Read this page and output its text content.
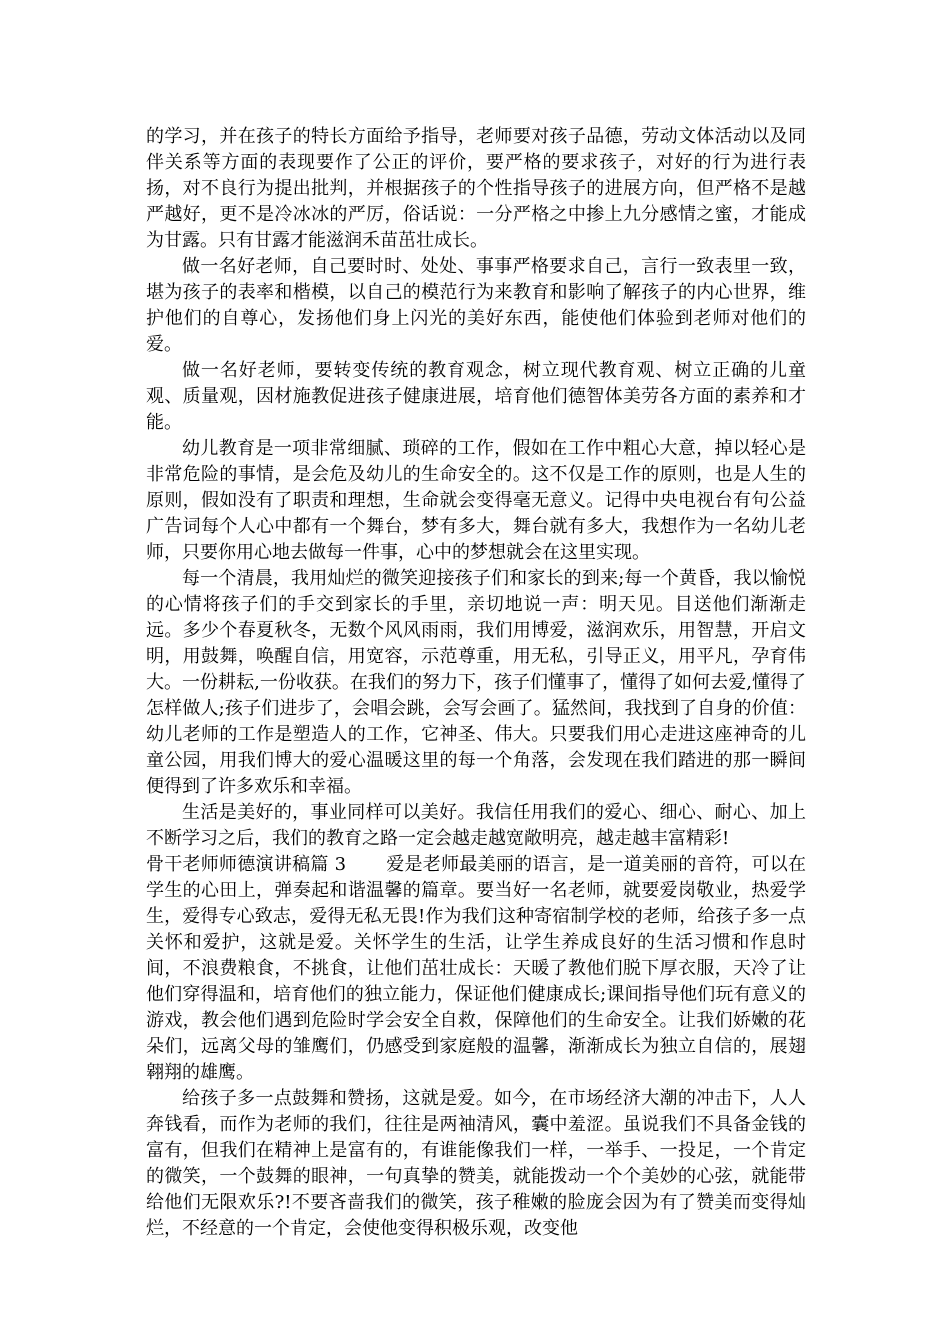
的学习，并在孩子的特长方面给予指导，老师要对孩子品德，劳动文体活动以及同伴关系等方面的表现要作了公正的评价，要严格的要求孩子，对好的行为进行表扬，对不良行为提出批判，并根据孩子的个性指导孩子的进展方向，但严格不是越严越好，更不是冷冰冰的严厉，俗话说：一分严格之中掺上九分感情之蜜，才能成为甘露。只有甘露才能滋润禾苗茁壮成长。

做一名好老师，自己要时时、处处、事事严格要求自己，言行一致表里一致，堪为孩子的表率和楷模，以自己的模范行为来教育和影响了解孩子的内心世界，维护他们的自尊心，发扬他们身上闪光的美好东西，能使他们体验到老师对他们的爱。

做一名好老师，要转变传统的教育观念，树立现代教育观、树立正确的儿童观、质量观，因材施教促进孩子健康进展，培育他们德智体美劳各方面的素养和才能。

幼儿教育是一项非常细腻、琐碎的工作，假如在工作中粗心大意，掉以轻心是非常危险的事情，是会危及幼儿的生命安全的。这不仅是工作的原则，也是人生的原则，假如没有了职责和理想，生命就会变得毫无意义。记得中央电视台有句公益广告词每个人心中都有一个舞台，梦有多大，舞台就有多大，我想作为一名幼儿老师，只要你用心地去做每一件事，心中的梦想就会在这里实现。

每一个清晨，我用灿烂的微笑迎接孩子们和家长的到来;每一个黄昏，我以愉悦的心情将孩子们的手交到家长的手里，亲切地说一声：明天见。目送他们渐渐走远。多少个春夏秋冬，无数个风风雨雨，我们用博爱，滋润欢乐，用智慧，开启文明，用鼓舞，唤醒自信，用宽容，示范尊重，用无私，引导正义，用平凡，孕育伟大。一份耕耘,一份收获。在我们的努力下，孩子们懂事了，懂得了如何去爱,懂得了怎样做人;孩子们进步了，会唱会跳，会写会画了。猛然间，我找到了自身的价值：幼儿老师的工作是塑造人的工作，它神圣、伟大。只要我们用心走进这座神奇的儿童公园，用我们博大的爱心温暖这里的每一个角落，会发现在我们踏进的那一瞬间便得到了许多欢乐和幸福。

生活是美好的，事业同样可以美好。我信任用我们的爱心、细心、耐心、加上不断学习之后，我们的教育之路一定会越走越宽敞明亮，越走越丰富精彩!

骨干老师师德演讲稿篇 3 爱是老师最美丽的语言，是一道美丽的音符，可以在学生的心田上，弹奏起和谐温馨的篇章。要当好一名老师，就要爱岗敬业，热爱学生，爱得专心致志，爱得无私无畏!作为我们这种寄宿制学校的老师，给孩子多一点关怀和爱护，这就是爱。关怀学生的生活，让学生养成良好的生活习惯和作息时间，不浪费粮食，不挑食，让他们茁壮成长：天暖了教他们脱下厚衣服，天冷了让他们穿得温和，培育他们的独立能力，保证他们健康成长;课间指导他们玩有意义的游戏，教会他们遇到危险时学会安全自救，保障他们的生命安全。让我们娇嫩的花朵们，远离父母的雏鹰们，仍感受到家庭般的温馨，渐渐成长为独立自信的，展翅翱翔的雄鹰。

给孩子多一点鼓舞和赞扬，这就是爱。如今，在市场经济大潮的冲击下，人人奔钱看，而作为老师的我们，往往是两袖清风，囊中羞涩。虽说我们不具备金钱的富有，但我们在精神上是富有的，有谁能像我们一样，一举手、一投足，一个肯定的微笑，一个鼓舞的眼神，一句真挚的赞美，就能拨动一个个美妙的心弦，就能带给他们无限欢乐?!不要吝啬我们的微笑，孩子稚嫩的脸庞会因为有了赞美而变得灿烂，不经意的一个肯定，会使他变得积极乐观，改变他
